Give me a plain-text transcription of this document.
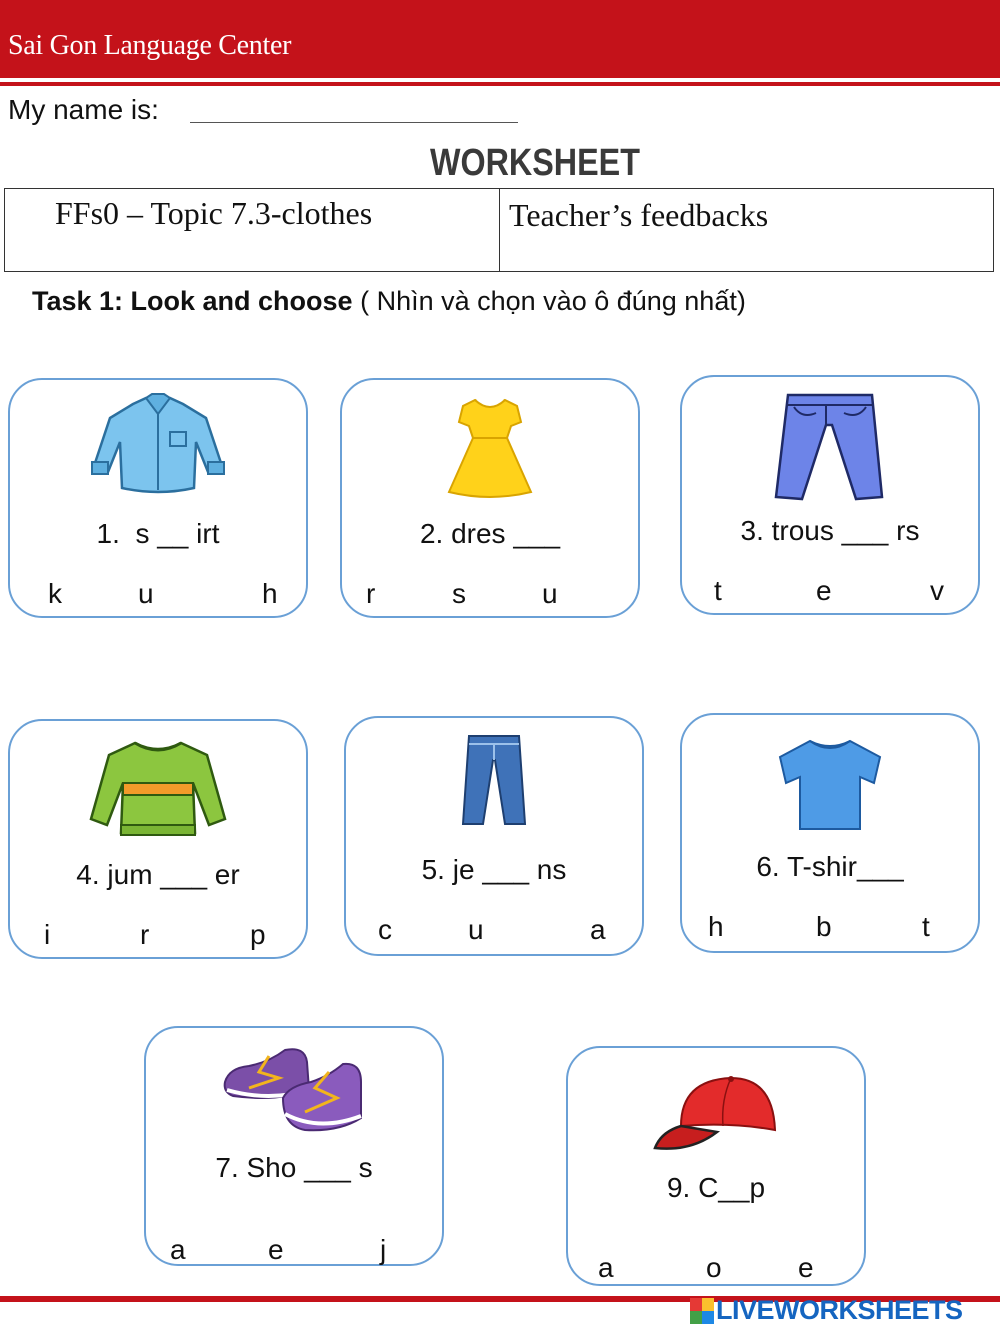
Sai Gon Language Center
My name is:
WORKSHEET
FFs0 – Topic 7.3-clothes	Teacher’s feedbacks
Task 1: Look and choose ( Nhìn và chọn vào ô đúng nhất)
1.  s __ irt
k	u	h
2. dres ___
r	s	u
3. trous ___ rs
t	e	v
4. jum ___ er
i	r	p
5. je ___ ns
c	u	a
6. T-shir___
h	b	t
7. Sho ___ s
a	e	j
9. C__p
a	o	e
LIVEWORKSHEETS
